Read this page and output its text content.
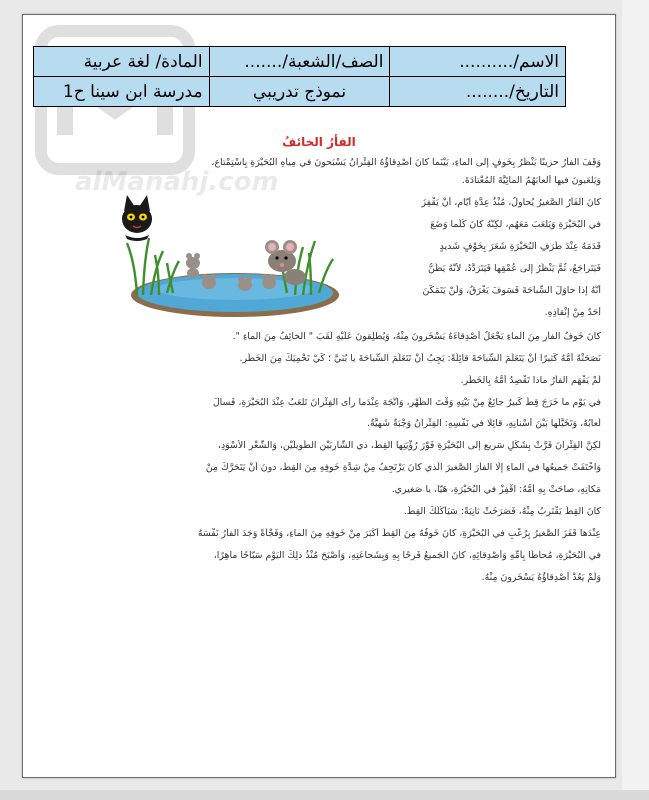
alManahj.com
الاسم/..........	الصف/الشعبة/.......	المادة/ لغة عربية
التاريخ/........	نموذج تدريبي	مدرسة ابن سينا ح1
الفأرُ الخائفُ
وَقَفَ الفأرُ حزينًا يَنْظُرُ بِخَوفٍ إلى الماءِ، بَيْنَما كانَ أصْدِقاؤُهُ الفِئْرانُ يَسْبَحونَ في مِياهِ البُحَيْرَةِ بِاسْتِمْتاعٍ،
وَيَلْعَبونَ فيها ألعابَهُمُ المائِيَّةَ المُعْتادَةَ.
كانَ الفَأرُ الصَّغيرُ يُحاوِلُ، مُنْذُ عِدَّةِ أيّامٍ، أنْ يَقْفِزَ
في البُحَيْرَةِ وَيَلْعَبَ مَعَهُم، لكِنَّهُ كانَ كُلَّما وَضَعَ
قَدَمَهُ عِنْدَ طَرَفِ البُحَيْرَةِ شَعَرَ بِخَوْفٍ شَديدٍ
فَيَتَراجَعُ، ثُمَّ يَنْظُرُ إلى عُمْقِها فَيَتَرَدَّدُ، لأنَّهُ يَظُنُّ
أنَّهُ إذا حاوَلَ السِّباحَةَ فَسَوفَ يَغْرَقُ، وَلَنْ يَتَمَكَّنَ
أحَدٌ مِنْ إنْقاذِهِ.
كانَ خَوفُ الفأرِ مِنَ الماءِ يَجْعَلُ أصْدِقاءَهُ يَسْخَرونَ مِنْهُ، وَيُطْلِقونَ عَلَيْهِ لَقَبَ " الخائِفُ مِنَ الماءِ ".
نَصَحَتْهُ أُمُّهُ كَثيرًا أنْ يَتَعَلَّمَ السِّباحَةَ قائِلَةً: يَجِبُ أنْ تَتَعَلَّمَ السِّباحَةَ يا بُنَيَّ ؛ كَيْ تَحْمِيَكَ مِنَ الخَطَرِ.
لَمْ يَفْهَمِ الفأرُ ماذا تَقْصِدُ أُمُّهُ بِالخَطَرِ.
في يَوْمٍ ما خَرَجَ قِطٌّ كَبيرٌ جائِعٌ مِنْ بَيْتِهِ وَقْتَ الظُّهْرِ، وَاتَّجَهَ عِنْدَما رأى الفِئْرانَ تَلْعَبُ عِنْدَ البُحَيْرَةِ، فَسالَ
لُعابُهُ، وَتَخَيَّلَها بَيْنَ أسْنانِهِ، قائِلًا في نَفْسِهِ: الفِئْرانُ وَجْبَةٌ شَهِيَّةٌ.
لكِنَّ الفِئْرانَ فَرَّتْ بِشَكْلٍ سَريعٍ إلى البُحَيْرَةِ فَوْرَ رُؤْيَتِها القِطَّ، ذي الشّارِبَيْنِ الطَّويلَيْنِ، وَالشَّعْرِ الأسْوَدِ،
وَاخْتَفَتْ جَميعُها في الماءِ إلّا الفأرَ الصَّغيرَ الَّذي كانَ يَرْتَجِفُ مِنْ شِدَّةِ خَوفِهِ مِنَ القِطِّ، دونَ أنْ يَتَحَرَّكَ مِنْ
مَكانِهِ، صاحَتْ بِهِ أُمُّهُ: اقْفِزْ في البُحَيْرَةِ، هَيّا، يا صَغيري.
كانَ القِطُّ يَقْتَرِبُ مِنْهُ، فَصَرَخَتْ ثانِيَةً: سَيَأكُلُكَ القِطُّ.
عِنْدَها قَفَزَ الصَّغيرُ بِرُعْبٍ في البُحَيْرَةِ، كانَ خَوفُهُ مِنَ القِطِّ أكْبَرَ مِنْ خَوفِهِ مِنَ الماءِ، وَفَجْأةً وَجَدَ الفأرُ نَفْسَهُ
في البُحَيْرَةِ، مُحاطًا بِأُمِّهِ وَأصْدِقائِهِ، كانَ الجَميعُ فَرِحًا بِهِ وَبِشَجاعَتِهِ، وَأصْبَحَ مُنْذُ ذلِكَ اليَوْمِ سَبّاحًا ماهِرًا،
وَلَمْ يَعُدْ أصْدِقاؤُهُ يَسْخَرونَ مِنْهُ.
